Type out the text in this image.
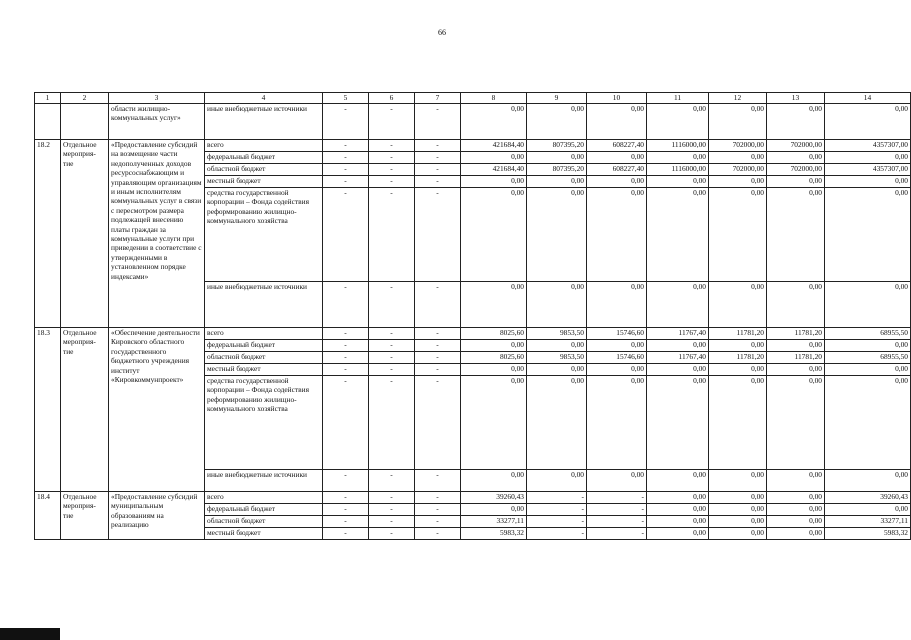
66
1	2	3	4	5	6	7	8	9	10	11	12	13	14
		области жилищно-коммунальных услуг»	иные внебюджетные источники	-	-	-	0,00	0,00	0,00	0,00	0,00	0,00	0,00
18.2	Отдельное мероприя-тие	«Предоставление субсидий на возмещение части недополученных доходов ресурсоснабжающим и управляющим организациям и иным исполнителям коммунальных услуг в связи с пересмотром размера подлежащей внесению платы граждан за коммунальные услуги при приведении в соответствие с утвержденными в установленном порядке индексами»	всего	-	-	-	421684,40	807395,20	608227,40	1116000,00	702000,00	702000,00	4357307,00
			федеральный бюджет	-	-	-	0,00	0,00	0,00	0,00	0,00	0,00	0,00
			областной бюджет	-	-	-	421684,40	807395,20	608227,40	1116000,00	702000,00	702000,00	4357307,00
			местный бюджет	-	-	-	0,00	0,00	0,00	0,00	0,00	0,00	0,00
			средства государственной корпорации – Фонда содействия реформированию жилищно-коммунального хозяйства	-	-	-	0,00	0,00	0,00	0,00	0,00	0,00	0,00
			иные внебюджетные источники	-	-	-	0,00	0,00	0,00	0,00	0,00	0,00	0,00
18.3	Отдельное мероприя-тие	«Обеспечение деятельности Кировского областного государственного бюджетного учреждения институт «Кировкоммунпроект»	всего	-	-	-	8025,60	9853,50	15746,60	11767,40	11781,20	11781,20	68955,50
			федеральный бюджет	-	-	-	0,00	0,00	0,00	0,00	0,00	0,00	0,00
			областной бюджет	-	-	-	8025,60	9853,50	15746,60	11767,40	11781,20	11781,20	68955,50
			местный бюджет	-	-	-	0,00	0,00	0,00	0,00	0,00	0,00	0,00
			средства государственной корпорации – Фонда содействия реформированию жилищно-коммунального хозяйства	-	-	-	0,00	0,00	0,00	0,00	0,00	0,00	0,00
			иные внебюджетные источники	-	-	-	0,00	0,00	0,00	0,00	0,00	0,00	0,00
18.4	Отдельное мероприя-тие	«Предоставление субсидий муниципальным образованиям на реализацию	всего	-	-	-	39260,43	-	-	0,00	0,00	0,00	39260,43
			федеральный бюджет	-	-	-	0,00	-	-	0,00	0,00	0,00	0,00
			областной бюджет	-	-	-	33277,11	-	-	0,00	0,00	0,00	33277,11
			местный бюджет	-	-	-	5983,32	-	-	0,00	0,00	0,00	5983,32
